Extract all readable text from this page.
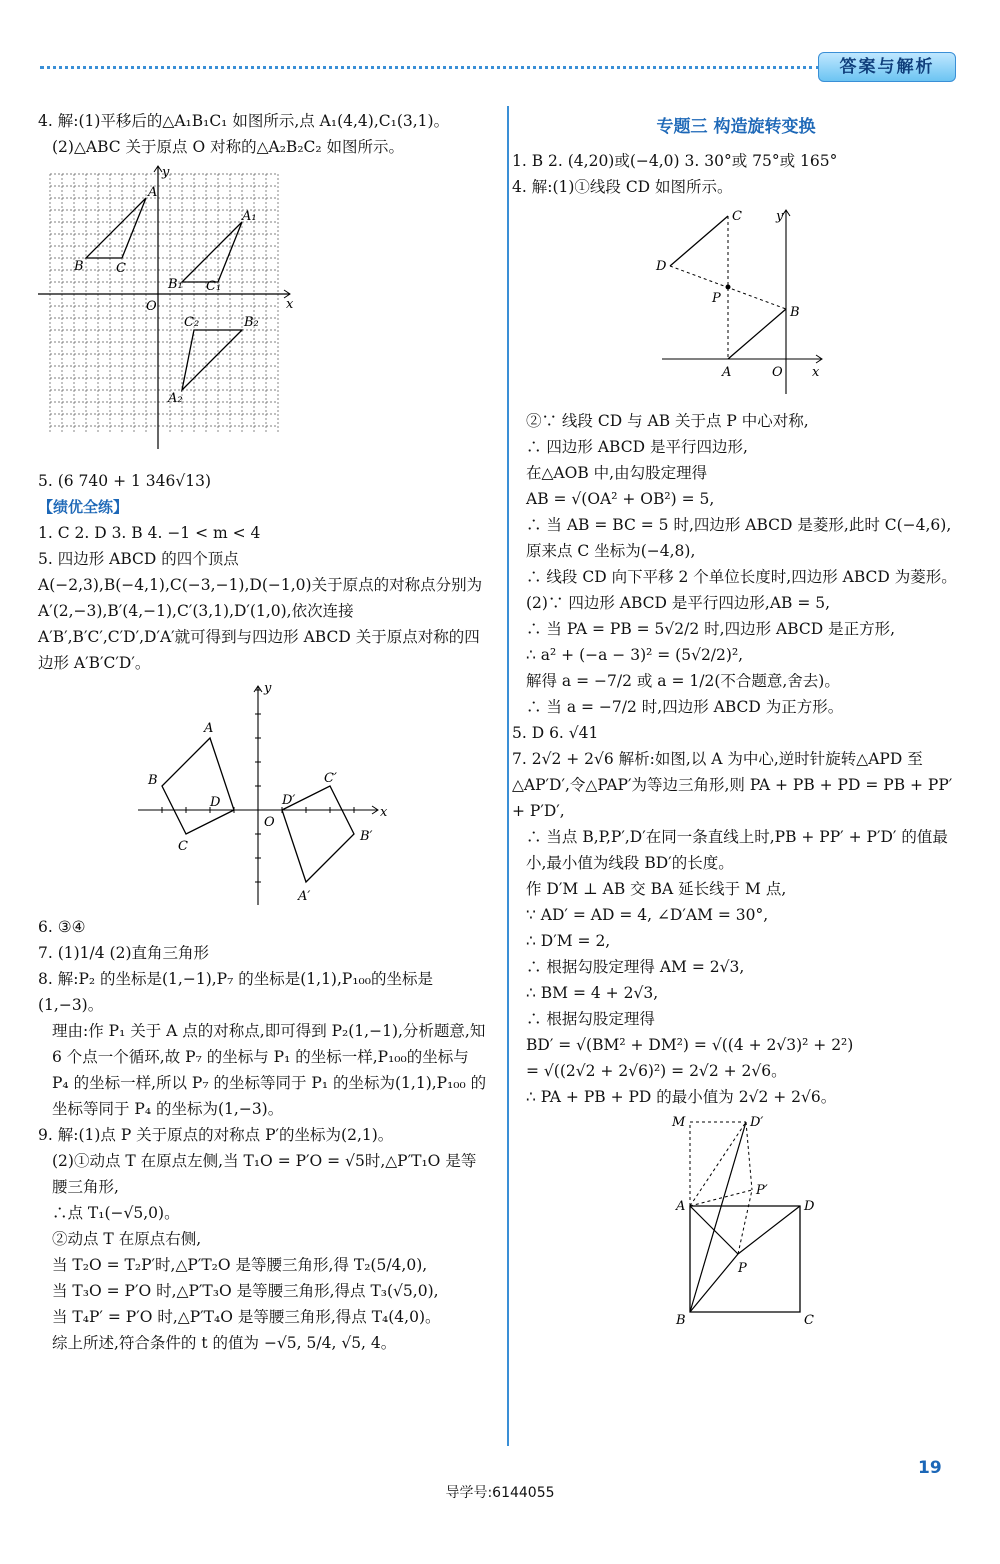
答案与解析

4. 解:(1)平移后的△A₁B₁C₁ 如图所示,点 A₁(4,4),C₁(3,1)。

(2)△ABC 关于原点 O 对称的△A₂B₂C₂ 如图所示。

A
B C
A₁
B₁ C₁
A₂
B₂
C₂
O	x
y

5. (6 740 + 1 346√13)

【绩优全练】

1. C 2. D 3. B 4. −1 < m < 4

5. 四边形 ABCD 的四个顶点 A(−2,3),B(−4,1),C(−3,−1),D(−1,0)关于原点的对称点分别为 A′(2,−3),B′(4,−1),C′(3,1),D′(1,0),依次连接 A′B′,B′C′,C′D′,D′A′就可得到与四边形 ABCD 关于原点对称的四边形 A′B′C′D′。

A
B
C
D
A′
B′
C′
D′
O
x
y

6. ③④

7. (1)1/4 (2)直角三角形

8. 解:P₂ 的坐标是(1,−1),P₇ 的坐标是(1,1),P₁₀₀的坐标是(1,−3)。

理由:作 P₁ 关于 A 点的对称点,即可得到 P₂(1,−1),分析题意,知 6 个点一个循环,故 P₇ 的坐标与 P₁ 的坐标一样,P₁₀₀的坐标与 P₄ 的坐标一样,所以 P₇ 的坐标等同于 P₁ 的坐标为(1,1),P₁₀₀ 的坐标等同于 P₄ 的坐标为(1,−3)。

9. 解:(1)点 P 关于原点的对称点 P′的坐标为(2,1)。

(2)①动点 T 在原点左侧,当 T₁O = P′O = √5时,△P′T₁O 是等腰三角形,

∴点 T₁(−√5,0)。

②动点 T 在原点右侧,

当 T₂O = T₂P′时,△P′T₂O 是等腰三角形,得 T₂(5/4,0),

当 T₃O = P′O 时,△P′T₃O 是等腰三角形,得点 T₃(√5,0),

当 T₄P′ = P′O 时,△P′T₄O 是等腰三角形,得点 T₄(4,0)。

综上所述,符合条件的 t 的值为 −√5, 5/4, √5, 4。

专题三 构造旋转变换

1. B 2. (4,20)或(−4,0) 3. 30°或 75°或 165°

4. 解:(1)①线段 CD 如图所示。

C
D
P
B
A	O x
y

②∵ 线段 CD 与 AB 关于点 P 中心对称,

∴ 四边形 ABCD 是平行四边形,

在△AOB 中,由勾股定理得

AB = √(OA² + OB²) = 5,

∴ 当 AB = BC = 5 时,四边形 ABCD 是菱形,此时 C(−4,6),原来点 C 坐标为(−4,8),

∴ 线段 CD 向下平移 2 个单位长度时,四边形 ABCD 为菱形。

(2)∵ 四边形 ABCD 是平行四边形,AB = 5,

∴ 当 PA = PB = 5√2/2 时,四边形 ABCD 是正方形,

∴ a² + (−a − 3)² = (5√2/2)²,

解得 a = −7/2 或 a = 1/2(不合题意,舍去)。

∴ 当 a = −7/2 时,四边形 ABCD 为正方形。

5. D 6. √41

7. 2√2 + 2√6 解析:如图,以 A 为中心,逆时针旋转△APD 至△AP′D′,令△PAP′为等边三角形,则 PA + PB + PD = PB + PP′ + P′D′,

∴ 当点 B,P,P′,D′在同一条直线上时,PB + PP′ + P′D′ 的值最小,最小值为线段 BD′的长度。

作 D′M ⊥ AB 交 BA 延长线于 M 点,

∵ AD′ = AD = 4, ∠D′AM = 30°,

∴ D′M = 2,

∴ 根据勾股定理得 AM = 2√3,

∴ BM = 4 + 2√3,

∴ 根据勾股定理得

BD′ = √(BM² + DM²) = √((4 + 2√3)² + 2²)

= √((2√2 + 2√6)²) = 2√2 + 2√6。

∴ PA + PB + PD 的最小值为 2√2 + 2√6。

M	D′
P′
A	D
P
B	C
19
导学号:6144055
